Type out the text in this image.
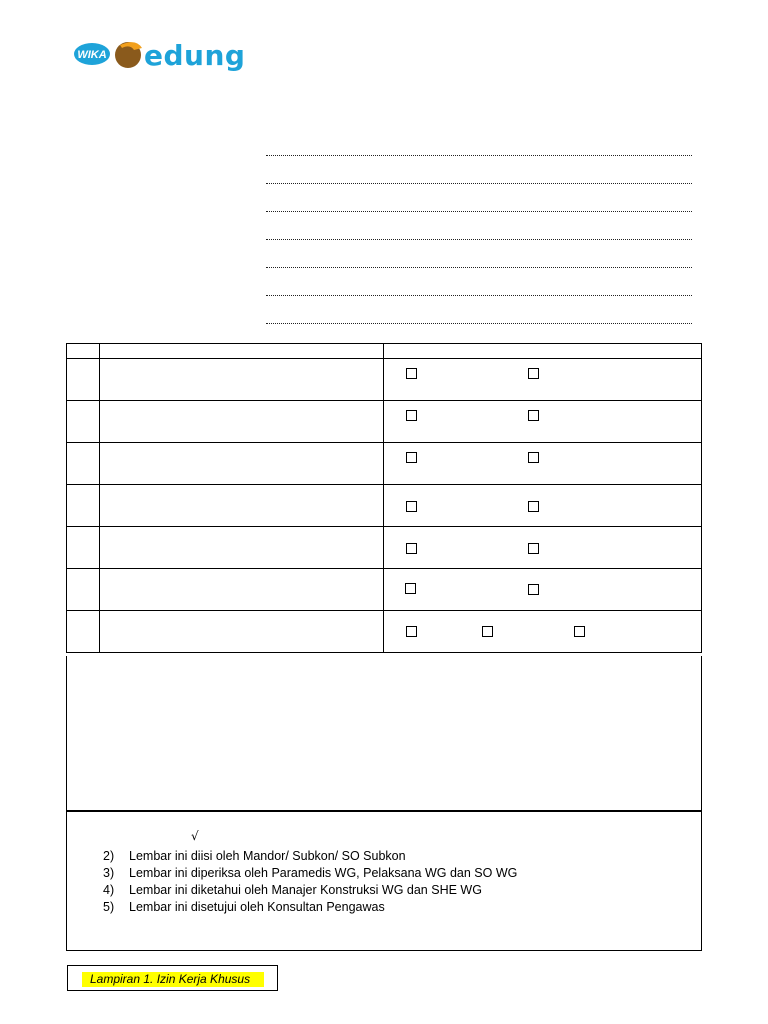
WIKA edung

√
2)	Lembar ini diisi oleh Mandor/ Subkon/ SO Subkon
3)	Lembar ini diperiksa oleh Paramedis WG, Pelaksana WG dan SO WG
4)	Lembar ini diketahui oleh Manajer Konstruksi WG dan SHE WG
5)	Lembar ini disetujui oleh Konsultan Pengawas
Lampiran 1. Izin Kerja Khusus
